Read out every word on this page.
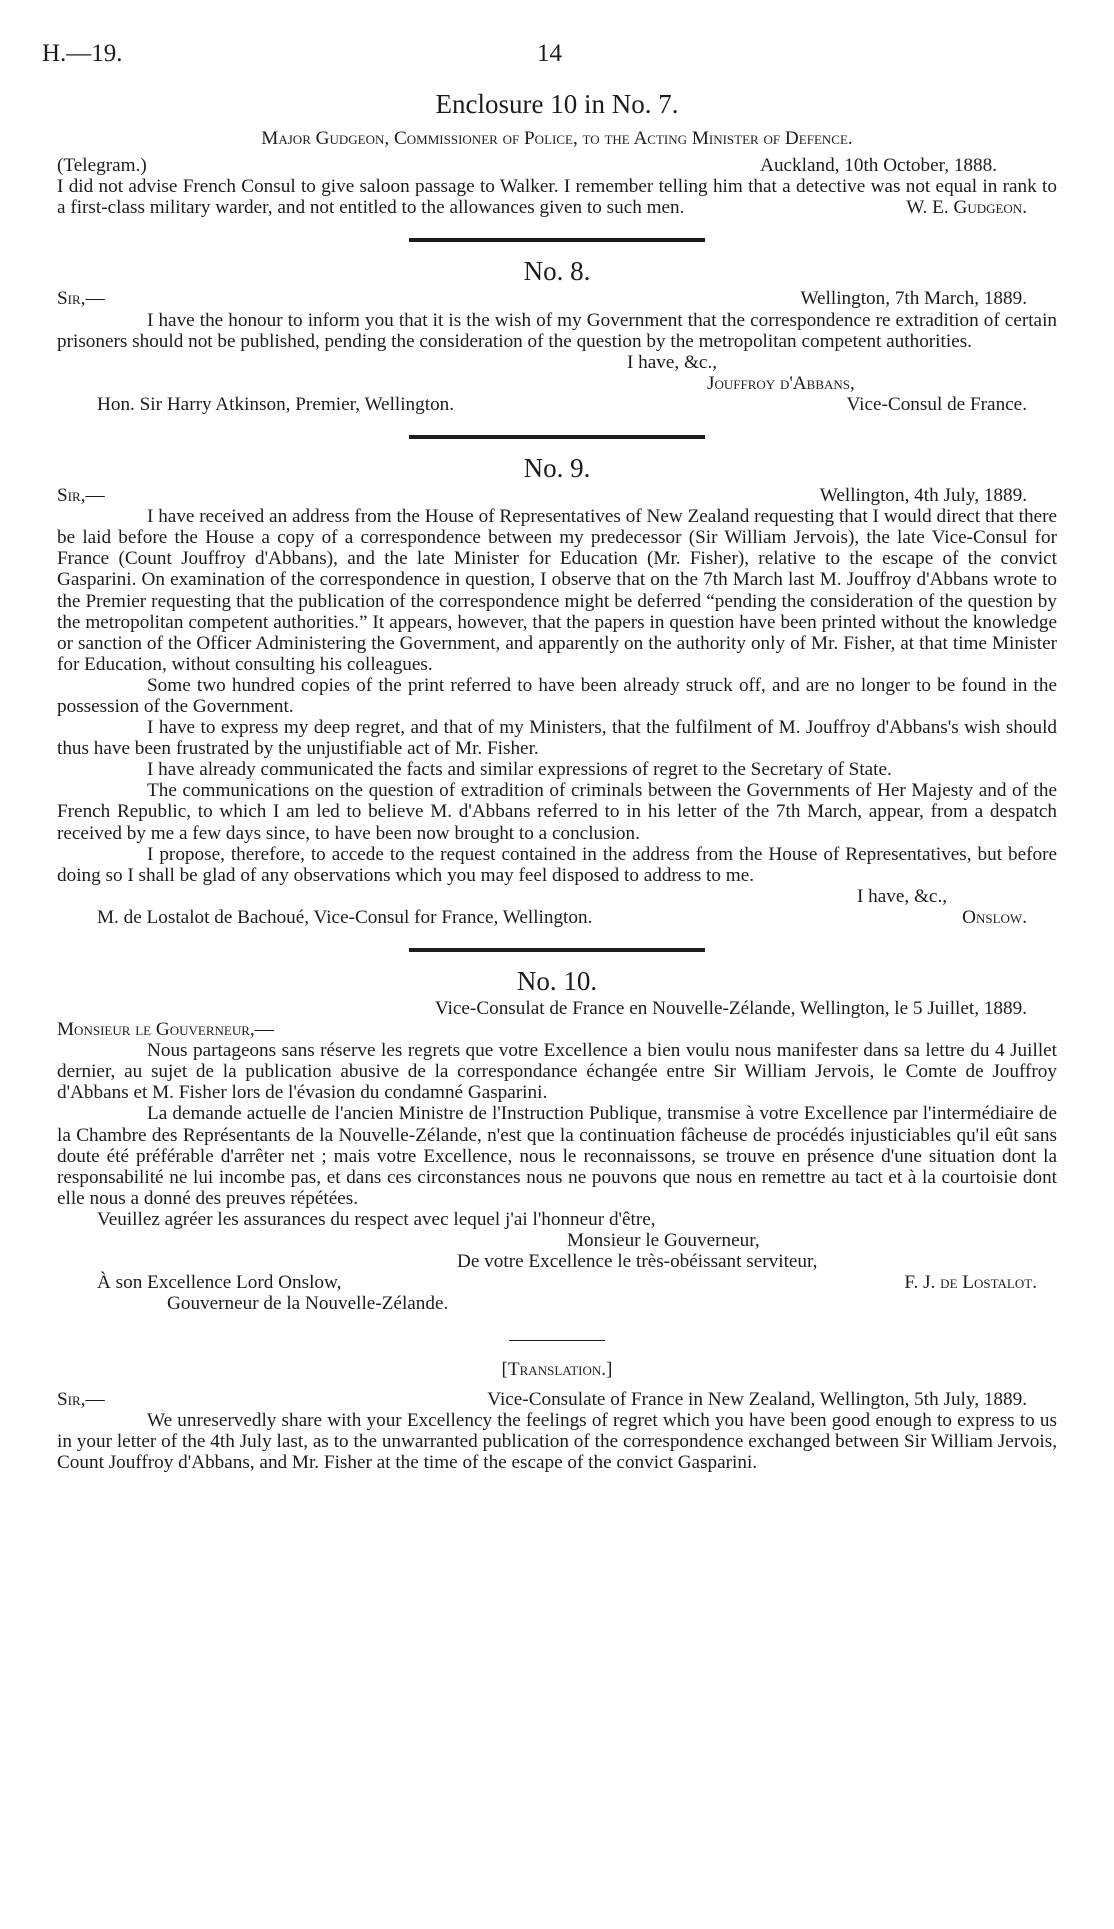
H.—19.	14
Enclosure 10 in No. 7.
Major Gudgeon, Commissioner of Police, to the Acting Minister of Defence.
(Telegram.)	Auckland, 10th October, 1888.

I did not advise French Consul to give saloon passage to Walker. I remember telling him that a detective was not equal in rank to a first-class military warder, and not entitled to the allowances given to such men.	W. E. Gudgeon.
No. 8.
Sir,—	Wellington, 7th March, 1889.

I have the honour to inform you that it is the wish of my Government that the correspondence re extradition of certain prisoners should not be published, pending the consideration of the question by the metropolitan competent authorities.

I have, &c.,
Jouffroy d'Abbans,
Hon. Sir Harry Atkinson, Premier, Wellington.	Vice-Consul de France.
No. 9.
Sir,—	Wellington, 4th July, 1889.

I have received an address from the House of Representatives of New Zealand requesting that I would direct that there be laid before the House a copy of a correspondence between my predecessor (Sir William Jervois), the late Vice-Consul for France (Count Jouffroy d'Abbans), and the late Minister for Education (Mr. Fisher), relative to the escape of the convict Gasparini. On examination of the correspondence in question, I observe that on the 7th March last M. Jouffroy d'Abbans wrote to the Premier requesting that the publication of the correspondence might be deferred “pending the consideration of the question by the metropolitan competent authorities.” It appears, however, that the papers in question have been printed without the knowledge or sanction of the Officer Administering the Government, and apparently on the authority only of Mr. Fisher, at that time Minister for Education, without consulting his colleagues.

Some two hundred copies of the print referred to have been already struck off, and are no longer to be found in the possession of the Government.

I have to express my deep regret, and that of my Ministers, that the fulfilment of M. Jouffroy d'Abbans's wish should thus have been frustrated by the unjustifiable act of Mr. Fisher.

I have already communicated the facts and similar expressions of regret to the Secretary of State.

The communications on the question of extradition of criminals between the Governments of Her Majesty and of the French Republic, to which I am led to believe M. d'Abbans referred to in his letter of the 7th March, appear, from a despatch received by me a few days since, to have been now brought to a conclusion.

I propose, therefore, to accede to the request contained in the address from the House of Representatives, but before doing so I shall be glad of any observations which you may feel disposed to address to me.

I have, &c.,
M. de Lostalot de Bachoué, Vice-Consul for France, Wellington.	Onslow.
No. 10.
Vice-Consulat de France en Nouvelle-Zélande, Wellington, le 5 Juillet, 1889.
Monsieur le Gouverneur,—

Nous partageons sans réserve les regrets que votre Excellence a bien voulu nous manifester dans sa lettre du 4 Juillet dernier, au sujet de la publication abusive de la correspondance échangée entre Sir William Jervois, le Comte de Jouffroy d'Abbans et M. Fisher lors de l'évasion du condamné Gasparini.

La demande actuelle de l'ancien Ministre de l'Instruction Publique, transmise à votre Excellence par l'intermédiaire de la Chambre des Représentants de la Nouvelle-Zélande, n'est que la continuation fâcheuse de procédés injusticiables qu'il eût sans doute été préférable d'arrêter net ; mais votre Excellence, nous le reconnaissons, se trouve en présence d'une situation dont la responsabilité ne lui incombe pas, et dans ces circonstances nous ne pouvons que nous en remettre au tact et à la courtoisie dont elle nous a donné des preuves répétées.

Veuillez agréer les assurances du respect avec lequel j'ai l'honneur d'être,
Monsieur le Gouverneur,
De votre Excellence le très-obéissant serviteur,
À son Excellence Lord Onslow,	F. J. de Lostalot.
Gouverneur de la Nouvelle-Zélande.
[Translation.]
Sir,—	Vice-Consulate of France in New Zealand, Wellington, 5th July, 1889.

We unreservedly share with your Excellency the feelings of regret which you have been good enough to express to us in your letter of the 4th July last, as to the unwarranted publication of the correspondence exchanged between Sir William Jervois, Count Jouffroy d'Abbans, and Mr. Fisher at the time of the escape of the convict Gasparini.
